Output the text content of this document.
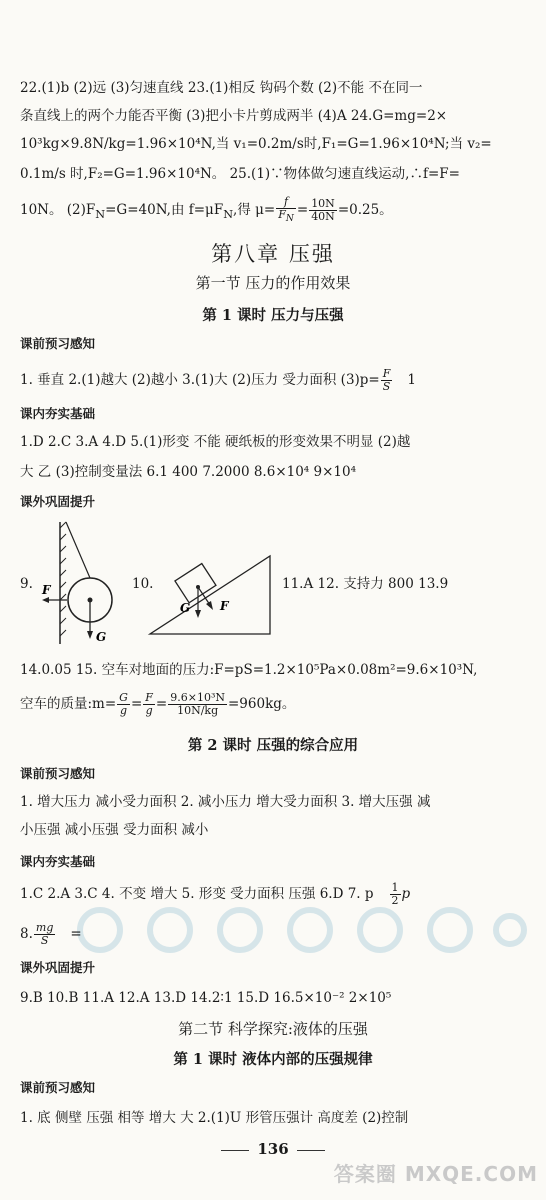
22.(1)b (2)远 (3)匀速直线 23.(1)相反 钩码个数 (2)不能 不在同一
条直线上的两个力能否平衡 (3)把小卡片剪成两半 (4)A 24.G=mg=2×
10³kg×9.8N/kg=1.96×10⁴N,当 v₁=0.2m/s时,F₁=G=1.96×10⁴N;当 v₂=
0.1m/s 时,F₂=G=1.96×10⁴N。 25.(1)∵物体做匀速直线运动,∴f=F=
10N。 $(2)F_N=G=40N$,由 $f=\mu F_N$,得 $\mu= \frac{f}{F_N} = \frac{10N}{40N} =0.25$。
第八章 压强
第一节 压力的作用效果
第 1 课时 压力与压强
课前预习感知
1. 垂直 2.(1)越大 (2)越小 3.(1)大 (2)压力 受力面积 $(3)p= \frac{F}{S} 1$
课内夯实基础
1.D 2.C 3.A 4.D 5.(1)形变 不能 硬纸板的形变效果不明显 (2)越
大 乙 (3)控制变量法 6.1 400 7.2000 8.6×10⁴ 9×10⁴
课外巩固提升
9. F
G
10.
G F
11.A 12. 支持力 800 13.9
14.0.05 15. 空车对地面的压力:F=pS=1.2×10⁵Pa×0.08m²=9.6×10³N,
空车的质量:m= $\frac{G}{g} = \frac{F}{g} = \frac{\text{9.6×10³N}}{10N/kg} =960kg$。
第 2 课时 压强的综合应用
课前预习感知
1. 增大压力 减小受力面积 2. 减小压力 增大受力面积 3. 增大压强 减
小压强 减小压强 受力面积 减小
课内夯实基础
1.C 2.A 3.C 4. 不变 增大 5. 形变 受力面积 压强 6.D 7. p $\frac{1}{2}$ p
8. $\frac{mg}{S}$ =
课外巩固提升
9.B 10.B 11.A 12.A 13.D 14.2∶1 15.D 16.5×10⁻² 2×10⁵
第二节 科学探究:液体的压强
第 1 课时 液体内部的压强规律
课前预习感知
1. 底 侧壁 压强 相等 增大 大 2.(1)U 形管压强计 高度差 (2)控制
136
答案圈 MXQE.COM
